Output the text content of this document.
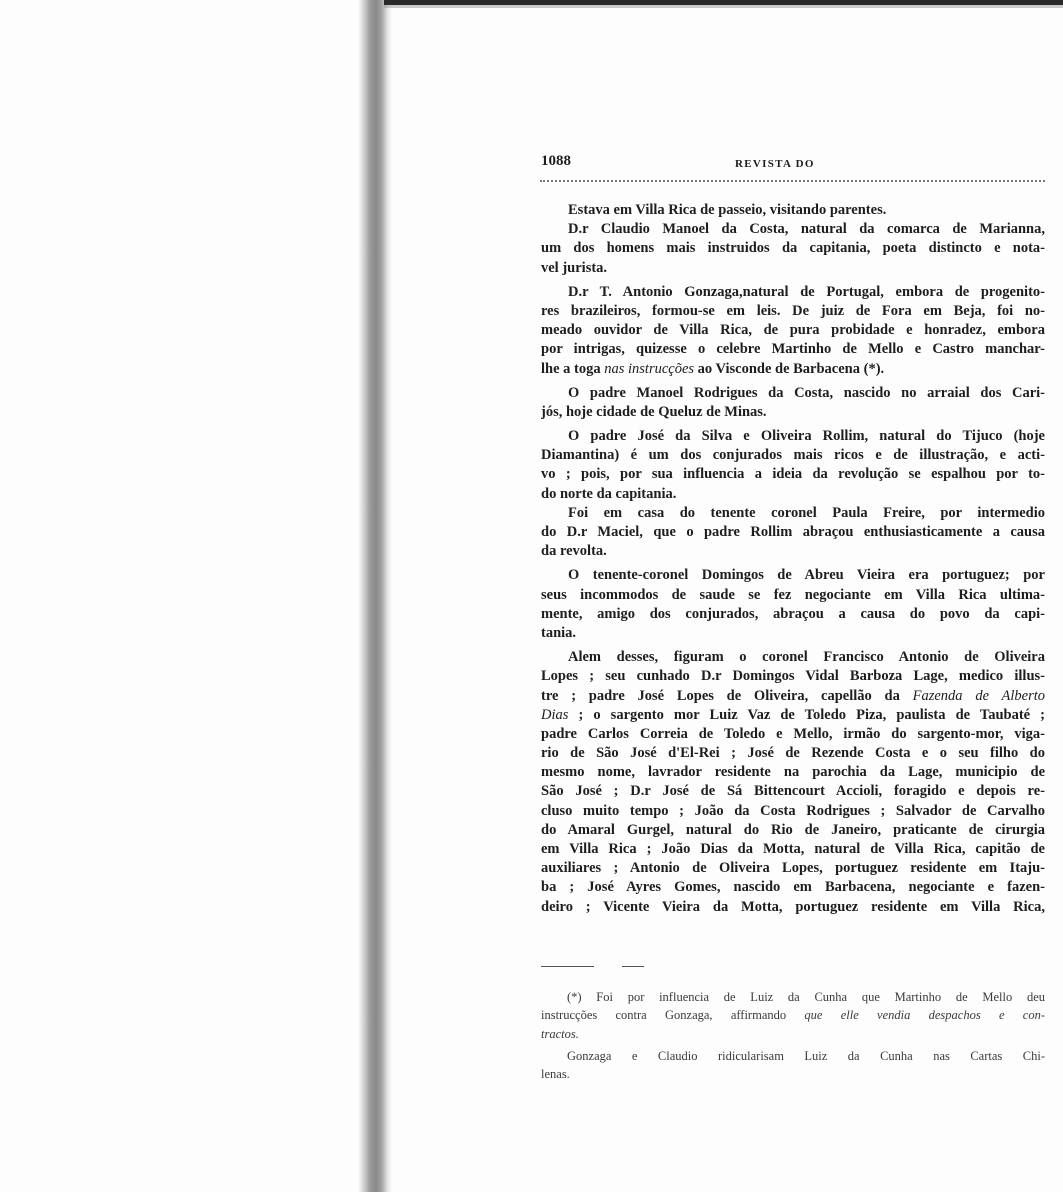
1088	REVISTA DO
Estava em Villa Rica de passeio, visitando parentes.
D.r Claudio Manoel da Costa, natural da comarca de Marianna,
um dos homens mais instruidos da capitania, poeta distincto e nota-
vel jurista.
D.r T. Antonio Gonzaga,natural de Portugal, embora de progenito-
res brazileiros, formou-se em leis. De juiz de Fora em Beja, foi no-
meado ouvidor de Villa Rica, de pura probidade e honradez, embora
por intrigas, quizesse o celebre Martinho de Mello e Castro manchar-
lhe a toga nas instrucções ao Visconde de Barbacena (*).
O padre Manoel Rodrigues da Costa, nascido no arraial dos Cari-
jós, hoje cidade de Queluz de Minas.
O padre José da Silva e Oliveira Rollim, natural do Tijuco (hoje
Diamantina) é um dos conjurados mais ricos e de illustração, e acti-
vo ; pois, por sua influencia a ideia da revolução se espalhou por to-
do norte da capitania.
Foi em casa do tenente coronel Paula Freire, por intermedio
do D.r Maciel, que o padre Rollim abraçou enthusiasticamente a causa
da revolta.
O tenente-coronel Domingos de Abreu Vieira era portuguez; por
seus incommodos de saude se fez negociante em Villa Rica ultima-
mente, amigo dos conjurados, abraçou a causa do povo da capi-
tania.
Alem desses, figuram o coronel Francisco Antonio de Oliveira
Lopes ; seu cunhado D.r Domingos Vidal Barboza Lage, medico illus-
tre ; padre José Lopes de Oliveira, capellão da Fazenda de Alberto
Dias ; o sargento mor Luiz Vaz de Toledo Piza, paulista de Taubaté ;
padre Carlos Correia de Toledo e Mello, irmão do sargento-mor, viga-
rio de São José d'El-Rei ; José de Rezende Costa e o seu filho do
mesmo nome, lavrador residente na parochia da Lage, municipio de
São José ; D.r José de Sá Bittencourt Accioli, foragido e depois re-
cluso muito tempo ; João da Costa Rodrigues ; Salvador de Carvalho
do Amaral Gurgel, natural do Rio de Janeiro, praticante de cirurgia
em Villa Rica ; João Dias da Motta, natural de Villa Rica, capitão de
auxiliares ; Antonio de Oliveira Lopes, portuguez residente em Itaju-
ba ; José Ayres Gomes, nascido em Barbacena, negociante e fazen-
deiro ; Vicente Vieira da Motta, portuguez residente em Villa Rica,
(*) Foi por influencia de Luiz da Cunha que Martinho de Mello deu
instrucções contra Gonzaga, affirmando que elle vendia despachos e con-
tractos.
Gonzaga e Claudio ridicularisam Luiz da Cunha nas Cartas Chi-
lenas.
